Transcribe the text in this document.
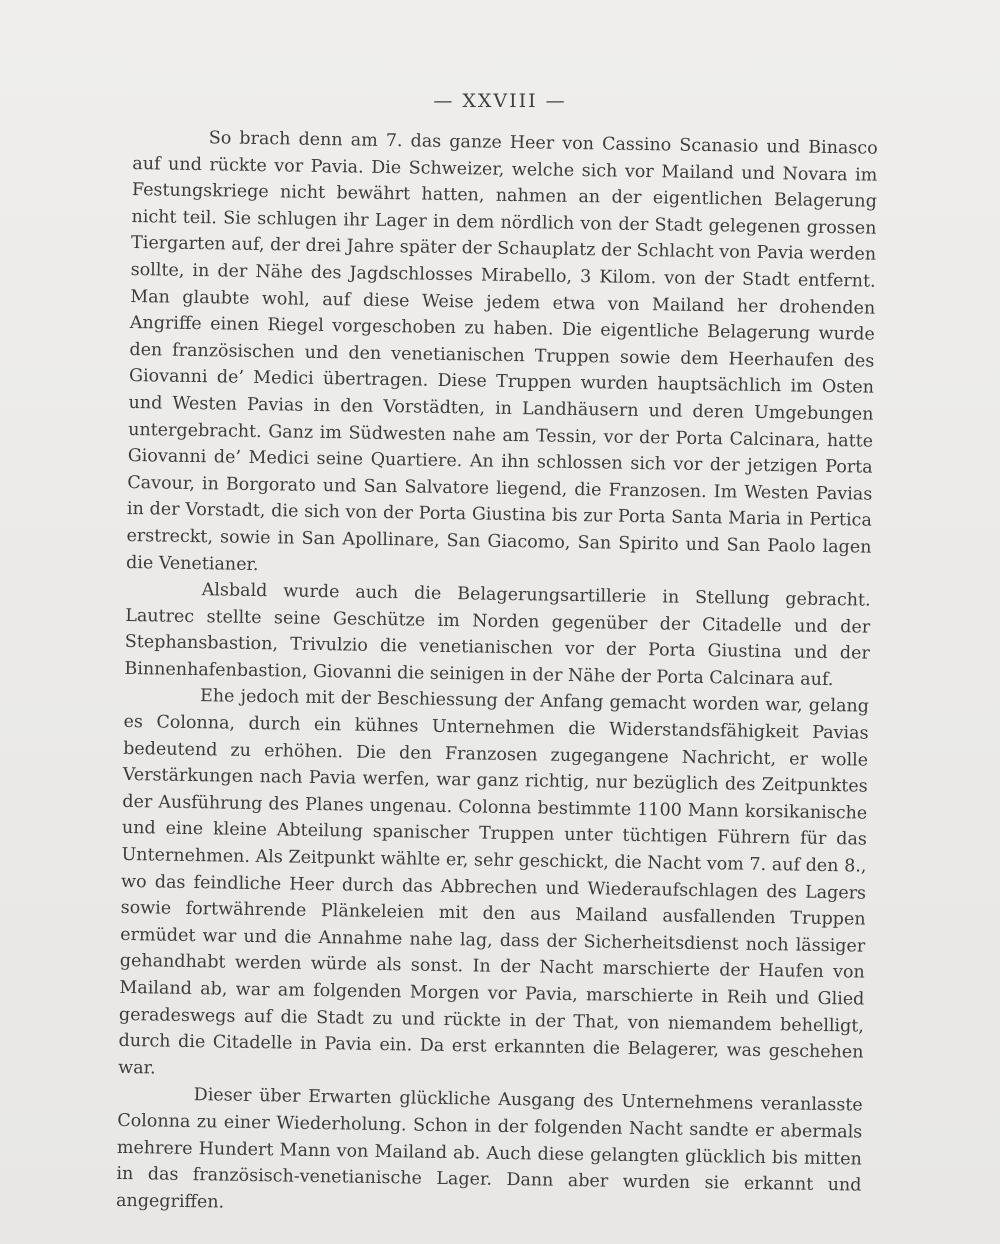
— XXVIII —

So brach denn am 7. das ganze Heer von Cassino Scanasio und Binasco auf und rückte vor Pavia. Die Schweizer, welche sich vor Mailand und Novara im Festungskriege nicht bewährt hatten, nahmen an der eigentlichen Belagerung nicht teil. Sie schlugen ihr Lager in dem nördlich von der Stadt gelegenen grossen Tiergarten auf, der drei Jahre später der Schauplatz der Schlacht von Pavia werden sollte, in der Nähe des Jagdschlosses Mirabello, 3 Kilom. von der Stadt entfernt. Man glaubte wohl, auf diese Weise jedem etwa von Mailand her drohenden Angriffe einen Riegel vorgeschoben zu haben. Die eigentliche Belagerung wurde den französischen und den venetianischen Truppen sowie dem Heerhaufen des Giovanni de’ Medici übertragen. Diese Truppen wurden hauptsächlich im Osten und Westen Pavias in den Vorstädten, in Landhäusern und deren Umgebungen untergebracht. Ganz im Südwesten nahe am Tessin, vor der Porta Calcinara, hatte Giovanni de’ Medici seine Quartiere. An ihn schlossen sich vor der jetzigen Porta Cavour, in Borgorato und San Salvatore liegend, die Franzosen. Im Westen Pavias in der Vorstadt, die sich von der Porta Giustina bis zur Porta Santa Maria in Pertica erstreckt, sowie in San Apollinare, San Giacomo, San Spirito und San Paolo lagen die Venetianer.

Alsbald wurde auch die Belagerungsartillerie in Stellung gebracht. Lautrec stellte seine Geschütze im Norden gegenüber der Citadelle und der Stephansbastion, Trivulzio die venetianischen vor der Porta Giustina und der Binnenhafenbastion, Giovanni die seinigen in der Nähe der Porta Calcinara auf.

Ehe jedoch mit der Beschiessung der Anfang gemacht worden war, gelang es Colonna, durch ein kühnes Unternehmen die Widerstandsfähigkeit Pavias bedeutend zu erhöhen. Die den Franzosen zugegangene Nachricht, er wolle Verstärkungen nach Pavia werfen, war ganz richtig, nur bezüglich des Zeitpunktes der Ausführung des Planes ungenau. Colonna bestimmte 1100 Mann korsikanische und eine kleine Abteilung spanischer Truppen unter tüchtigen Führern für das Unternehmen. Als Zeitpunkt wählte er, sehr geschickt, die Nacht vom 7. auf den 8., wo das feindliche Heer durch das Abbrechen und Wiederaufschlagen des Lagers sowie fortwährende Plänkeleien mit den aus Mailand ausfallenden Truppen ermüdet war und die Annahme nahe lag, dass der Sicherheitsdienst noch lässiger gehandhabt werden würde als sonst. In der Nacht marschierte der Haufen von Mailand ab, war am folgenden Morgen vor Pavia, marschierte in Reih und Glied geradeswegs auf die Stadt zu und rückte in der That, von niemandem behelligt, durch die Citadelle in Pavia ein. Da erst erkannten die Belagerer, was geschehen war.

Dieser über Erwarten glückliche Ausgang des Unternehmens veranlasste Colonna zu einer Wiederholung. Schon in der folgenden Nacht sandte er abermals mehrere Hundert Mann von Mailand ab. Auch diese gelangten glücklich bis mitten in das französisch-venetianische Lager. Dann aber wurden sie erkannt und angegriffen.
